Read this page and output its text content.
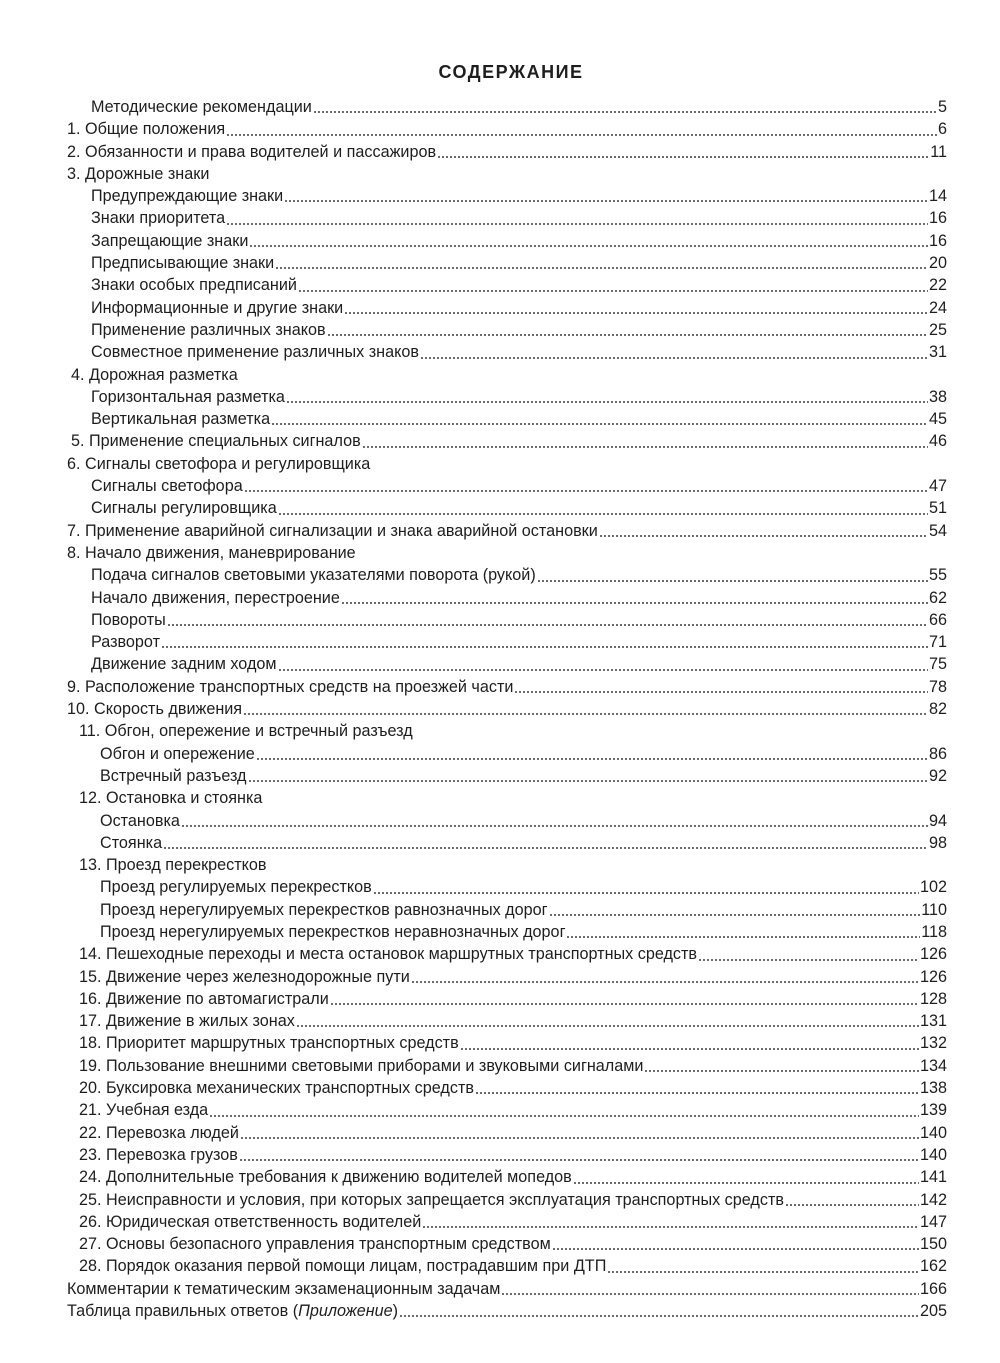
СОДЕРЖАНИЕ
Методические рекомендации	5
1. Общие положения	6
2. Обязанности и права водителей и пассажиров	11
3. Дорожные знаки
Предупреждающие знаки	14
Знаки приоритета	16
Запрещающие знаки	16
Предписывающие знаки	20
Знаки особых предписаний	22
Информационные и другие знаки	24
Применение различных знаков	25
Совместное применение различных знаков	31
4. Дорожная разметка
Горизонтальная разметка	38
Вертикальная разметка	45
5. Применение специальных сигналов	46
6. Сигналы светофора и регулировщика
Сигналы светофора	47
Сигналы регулировщика	51
7. Применение аварийной сигнализации и знака аварийной остановки	54
8. Начало движения, маневрирование
Подача сигналов световыми указателями поворота (рукой)	55
Начало движения, перестроение	62
Повороты	66
Разворот	71
Движение задним ходом	75
9. Расположение транспортных средств на проезжей части	78
10. Скорость движения	82
11. Обгон, опережение и встречный разъезд
Обгон и опережение	86
Встречный разъезд	92
12. Остановка и стоянка
Остановка	94
Стоянка	98
13. Проезд перекрестков
Проезд регулируемых перекрестков	102
Проезд нерегулируемых перекрестков равнозначных дорог	110
Проезд нерегулируемых перекрестков неравнозначных дорог	118
14. Пешеходные переходы и места остановок маршрутных транспортных средств	126
15. Движение через железнодорожные пути	126
16. Движение по автомагистрали	128
17. Движение в жилых зонах	131
18. Приоритет маршрутных транспортных средств	132
19. Пользование внешними световыми приборами и звуковыми сигналами	134
20. Буксировка механических транспортных средств	138
21. Учебная езда	139
22. Перевозка людей	140
23. Перевозка грузов	140
24. Дополнительные требования к движению водителей мопедов	141
25. Неисправности и условия, при которых запрещается эксплуатация транспортных средств	142
26. Юридическая ответственность водителей	147
27. Основы безопасного управления транспортным средством	150
28. Порядок оказания первой помощи лицам, пострадавшим при ДТП	162
Комментарии к тематическим экзаменационным задачам	166
Таблица правильных ответов (Приложение)	205
